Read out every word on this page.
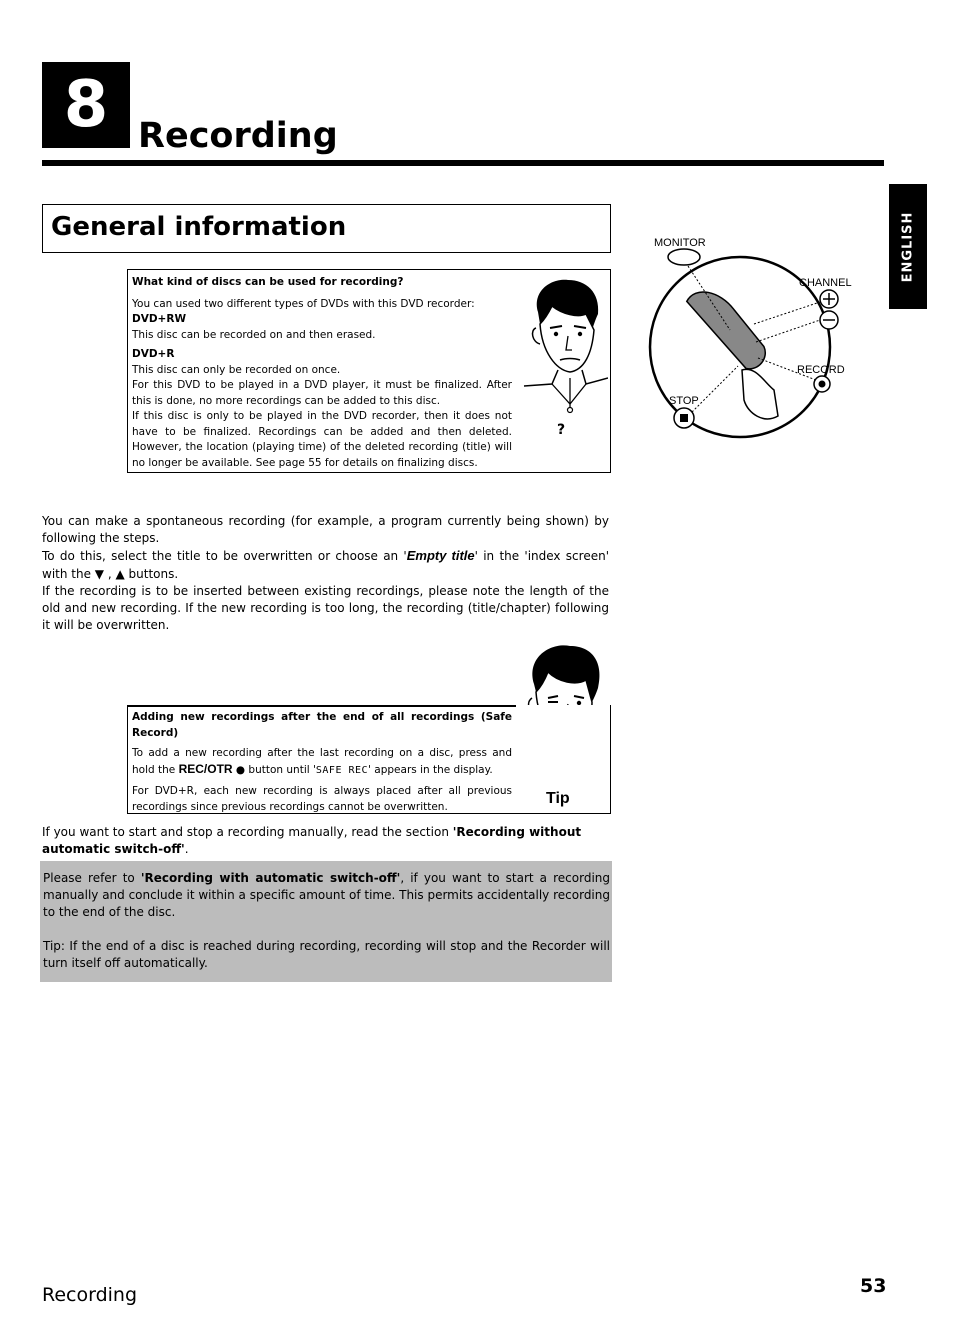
8 Recording
ENGLISH
General information

What kind of discs can be used for recording?

You can used two different types of DVDs with this DVD recorder:

DVD+RW

This disc can be recorded on and then erased.

DVD+R

This disc can only be recorded on once.

For this DVD to be played in a DVD player, it must be finalized. After this is done, no more recordings can be added to this disc.

If this disc is only to be played in the DVD recorder, then it does not have to be finalized. Recordings can be added and then deleted. However, the location (playing time) of the deleted recording (title) will no longer be available. See page 55 for details on finalizing discs.

?
MONITOR
CHANNEL
RECORD
STOP

You can make a spontaneous recording (for example, a program currently being shown) by following the steps.

To do this, select the title to be overwritten or choose an 'Empty title' in the 'index screen' with the ▼ , ▲ buttons.

If the recording is to be inserted between existing recordings, please note the length of the old and new recording. If the new recording is too long, the recording (title/chapter) following it will be overwritten.

Adding new recordings after the end of all recordings (Safe Record)

To add a new recording after the last recording on a disc, press and hold the REC/OTR ● button until 'SAFE REC' appears in the display.

For DVD+R, each new recording is always placed after all previous recordings since previous recordings cannot be overwritten.	Tip

If you want to start and stop a recording manually, read the section 'Recording without automatic switch-off'.

Please refer to 'Recording with automatic switch-off', if you want to start a recording manually and conclude it within a specific amount of time. This permits accidentally recording to the end of the disc.

Tip: If the end of a disc is reached during recording, recording will stop and the Recorder will turn itself off automatically.

Recording	53
